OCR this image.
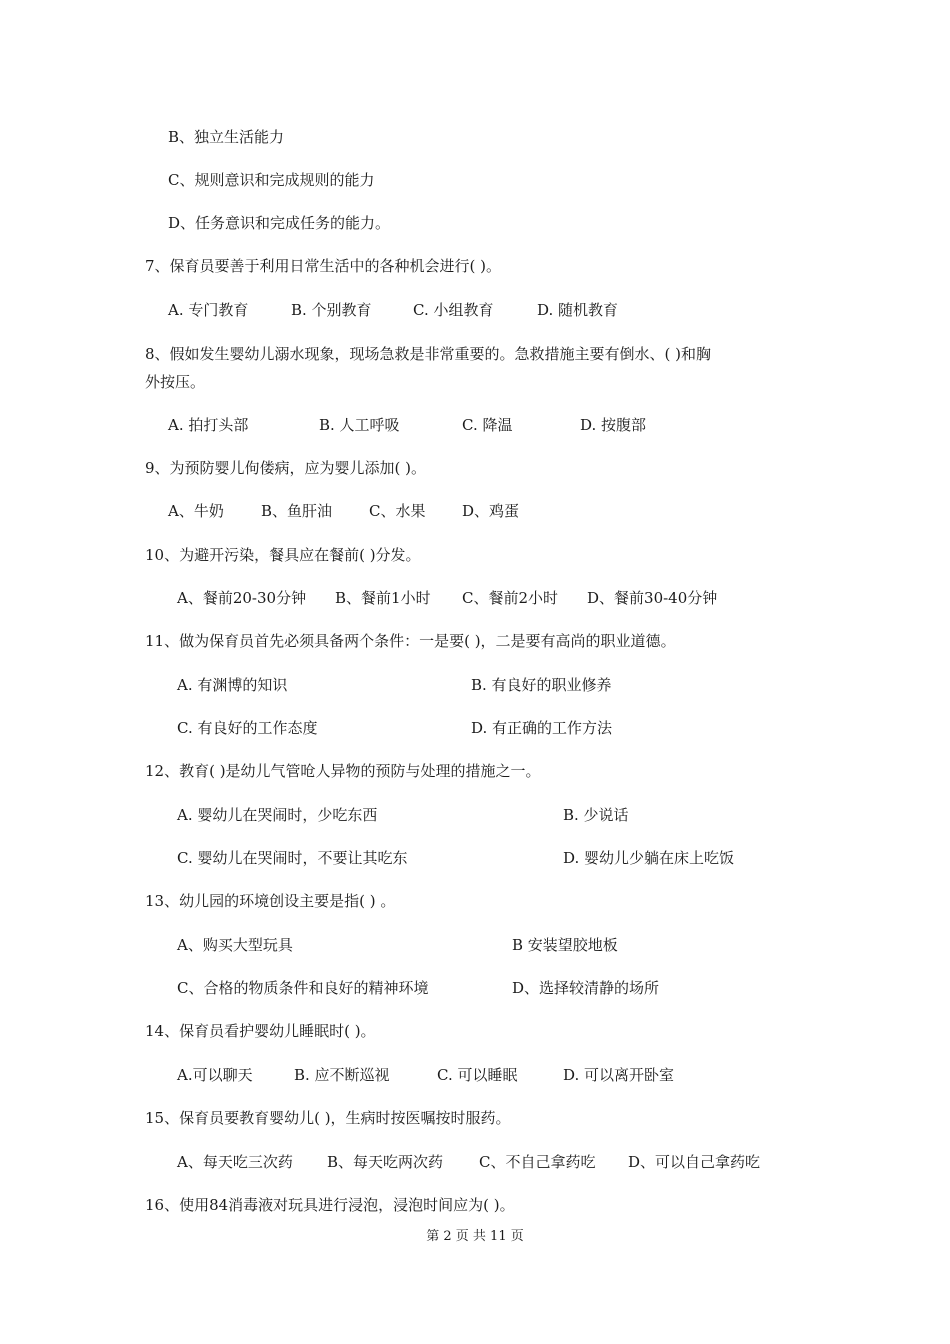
B、独立生活能力
C、规则意识和完成规则的能力
D、任务意识和完成任务的能力。
7、保育员要善于利用日常生活中的各种机会进行( )。
A. 专门教育	B. 个别教育	C. 小组教育	D. 随机教育
8、假如发生婴幼儿溺水现象，现场急救是非常重要的。急救措施主要有倒水、( )和胸
外按压。
A. 拍打头部	B. 人工呼吸	C. 降温	D. 按腹部
9、为预防婴儿佝偻病，应为婴儿添加( )。
A、牛奶 B、鱼肝油 C、水果 D、鸡蛋
10、为避开污染，餐具应在餐前( )分发。
A、餐前20-30分钟 B、餐前1小时 C、餐前2小时 D、餐前30-40分钟
11、做为保育员首先必须具备两个条件：一是要( )，二是要有高尚的职业道德。
A. 有渊博的知识	B. 有良好的职业修养
C. 有良好的工作态度	D. 有正确的工作方法
12、教育( )是幼儿气管呛人异物的预防与处理的措施之一。
A. 婴幼儿在哭闹时，少吃东西	B. 少说话
C. 婴幼儿在哭闹时，不要让其吃东	D. 婴幼儿少躺在床上吃饭
13、幼儿园的环境创设主要是指( ) 。
A、购买大型玩具	B 安装望胶地板
C、合格的物质条件和良好的精神环境	D、选择较清静的场所
14、保育员看护婴幼儿睡眠时( )。
A.可以聊天	B. 应不断巡视	C. 可以睡眠	D. 可以离开卧室
15、保育员要教育婴幼儿( )，生病时按医嘱按时服药。
A、每天吃三次药 B、每天吃两次药 C、不自己拿药吃 D、可以自己拿药吃
16、使用84消毒液对玩具进行浸泡，浸泡时间应为( )。
第 2 页 共 11 页
